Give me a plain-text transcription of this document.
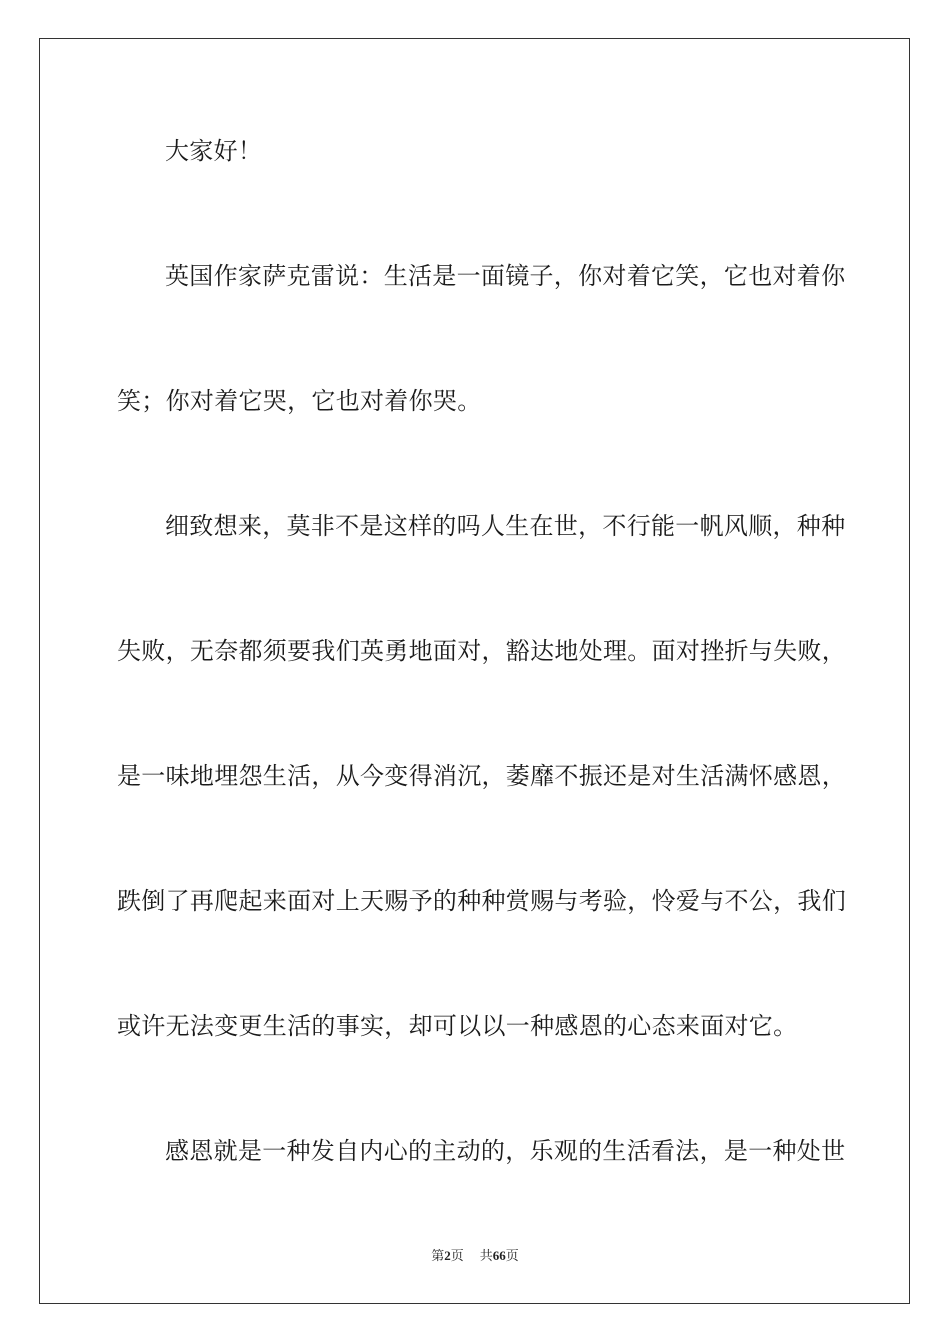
大家好！
英国作家萨克雷说：生活是一面镜子，你对着它笑，它也对着你
笑；你对着它哭，它也对着你哭。
细致想来，莫非不是这样的吗人生在世，不行能一帆风顺，种种
失败，无奈都须要我们英勇地面对，豁达地处理。面对挫折与失败，
是一味地埋怨生活，从今变得消沉，萎靡不振还是对生活满怀感恩，
跌倒了再爬起来面对上天赐予的种种赏赐与考验，怜爱与不公，我们
或许无法变更生活的事实，却可以以一种感恩的心态来面对它。
感恩就是一种发自内心的主动的，乐观的生活看法，是一种处世
第2页 共66页
